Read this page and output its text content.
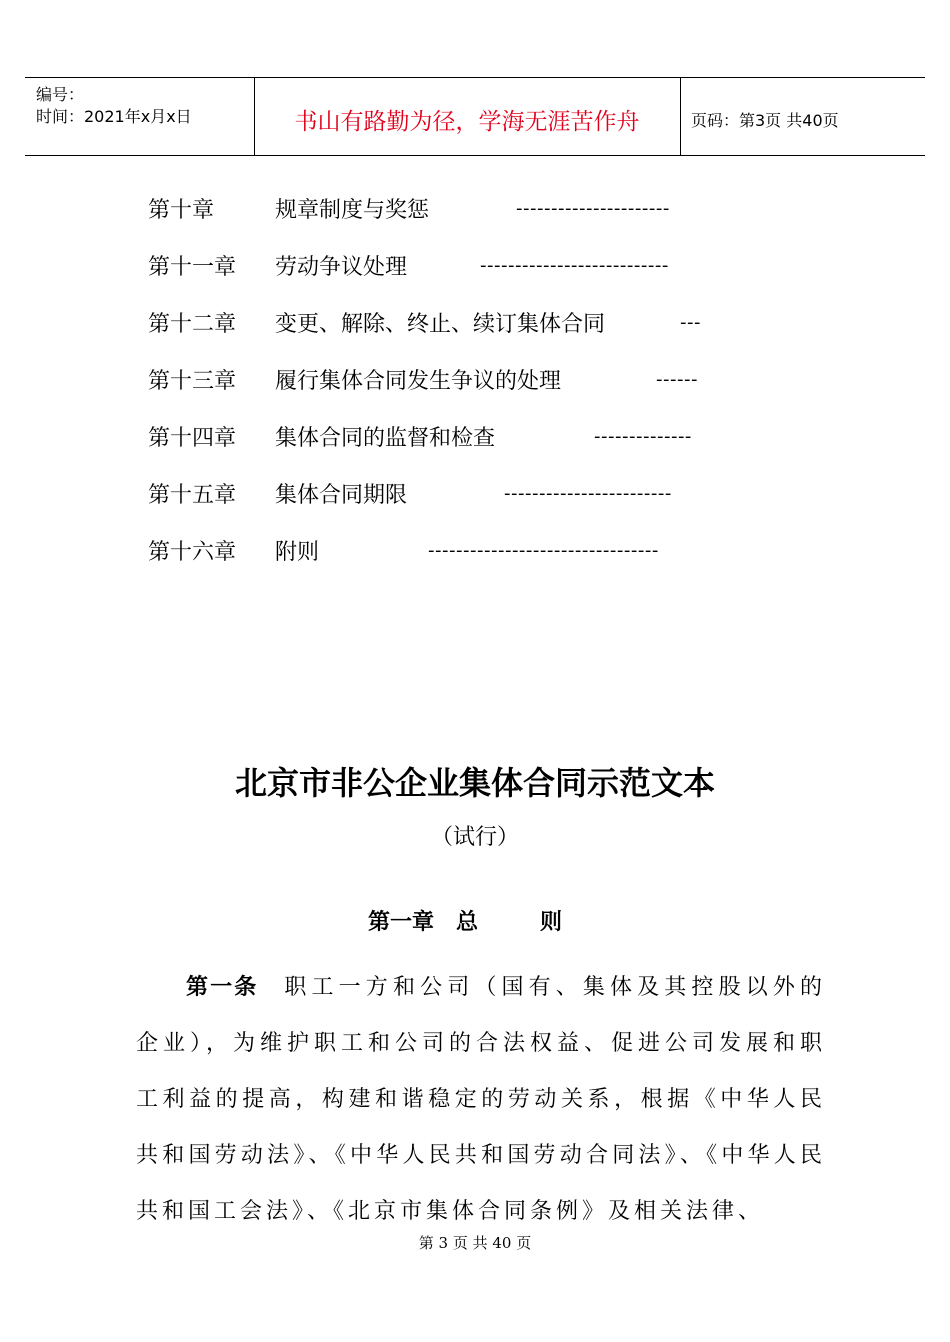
编号：
时间：2021年x月x日	书山有路勤为径，学海无涯苦作舟	页码：第3页 共40页
第十章	规章制度与奖惩	----------------------
第十一章 劳动争议处理	---------------------------
第十二章 变更、解除、终止、续订集体合同	---
第十三章 履行集体合同发生争议的处理	------
第十四章 集体合同的监督和检查	--------------
第十五章 集体合同期限	------------------------
第十六章 附则	---------------------------------
北京市非公企业集体合同示范文本
（试行）
第一章　总	则
第一条 职工一方和公司（国有、集体及其控股以外的企业），为维护职工和公司的合法权益、促进公司发展和职工利益的提高，构建和谐稳定的劳动关系，根据《中华人民共和国劳动法》、《中华人民共和国劳动合同法》、《中华人民共和国工会法》、《北京市集体合同条例》及相关法律、
第 3 页 共 40 页
